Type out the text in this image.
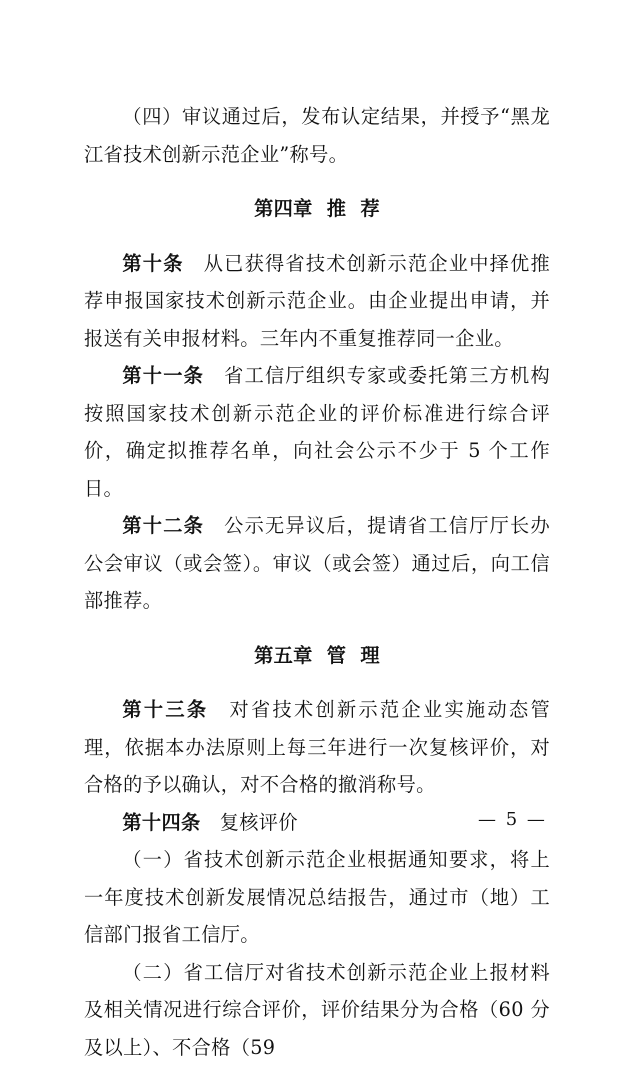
（四）审议通过后，发布认定结果，并授予“黑龙江省技术创新示范企业”称号。

第四章  推  荐

第十条 从已获得省技术创新示范企业中择优推荐申报国家技术创新示范企业。由企业提出申请，并报送有关申报材料。三年内不重复推荐同一企业。

第十一条 省工信厅组织专家或委托第三方机构按照国家技术创新示范企业的评价标准进行综合评价，确定拟推荐名单，向社会公示不少于 5 个工作日。

第十二条 公示无异议后，提请省工信厅厅长办公会审议（或会签）。审议（或会签）通过后，向工信部推荐。

第五章  管  理

第十三条 对省技术创新示范企业实施动态管理，依据本办法原则上每三年进行一次复核评价，对合格的予以确认，对不合格的撤消称号。

第十四条 复核评价

（一）省技术创新示范企业根据通知要求，将上一年度技术创新发展情况总结报告，通过市（地）工信部门报省工信厅。

（二）省工信厅对省技术创新示范企业上报材料及相关情况进行综合评价，评价结果分为合格（60 分及以上）、不合格（59

— 5 —
